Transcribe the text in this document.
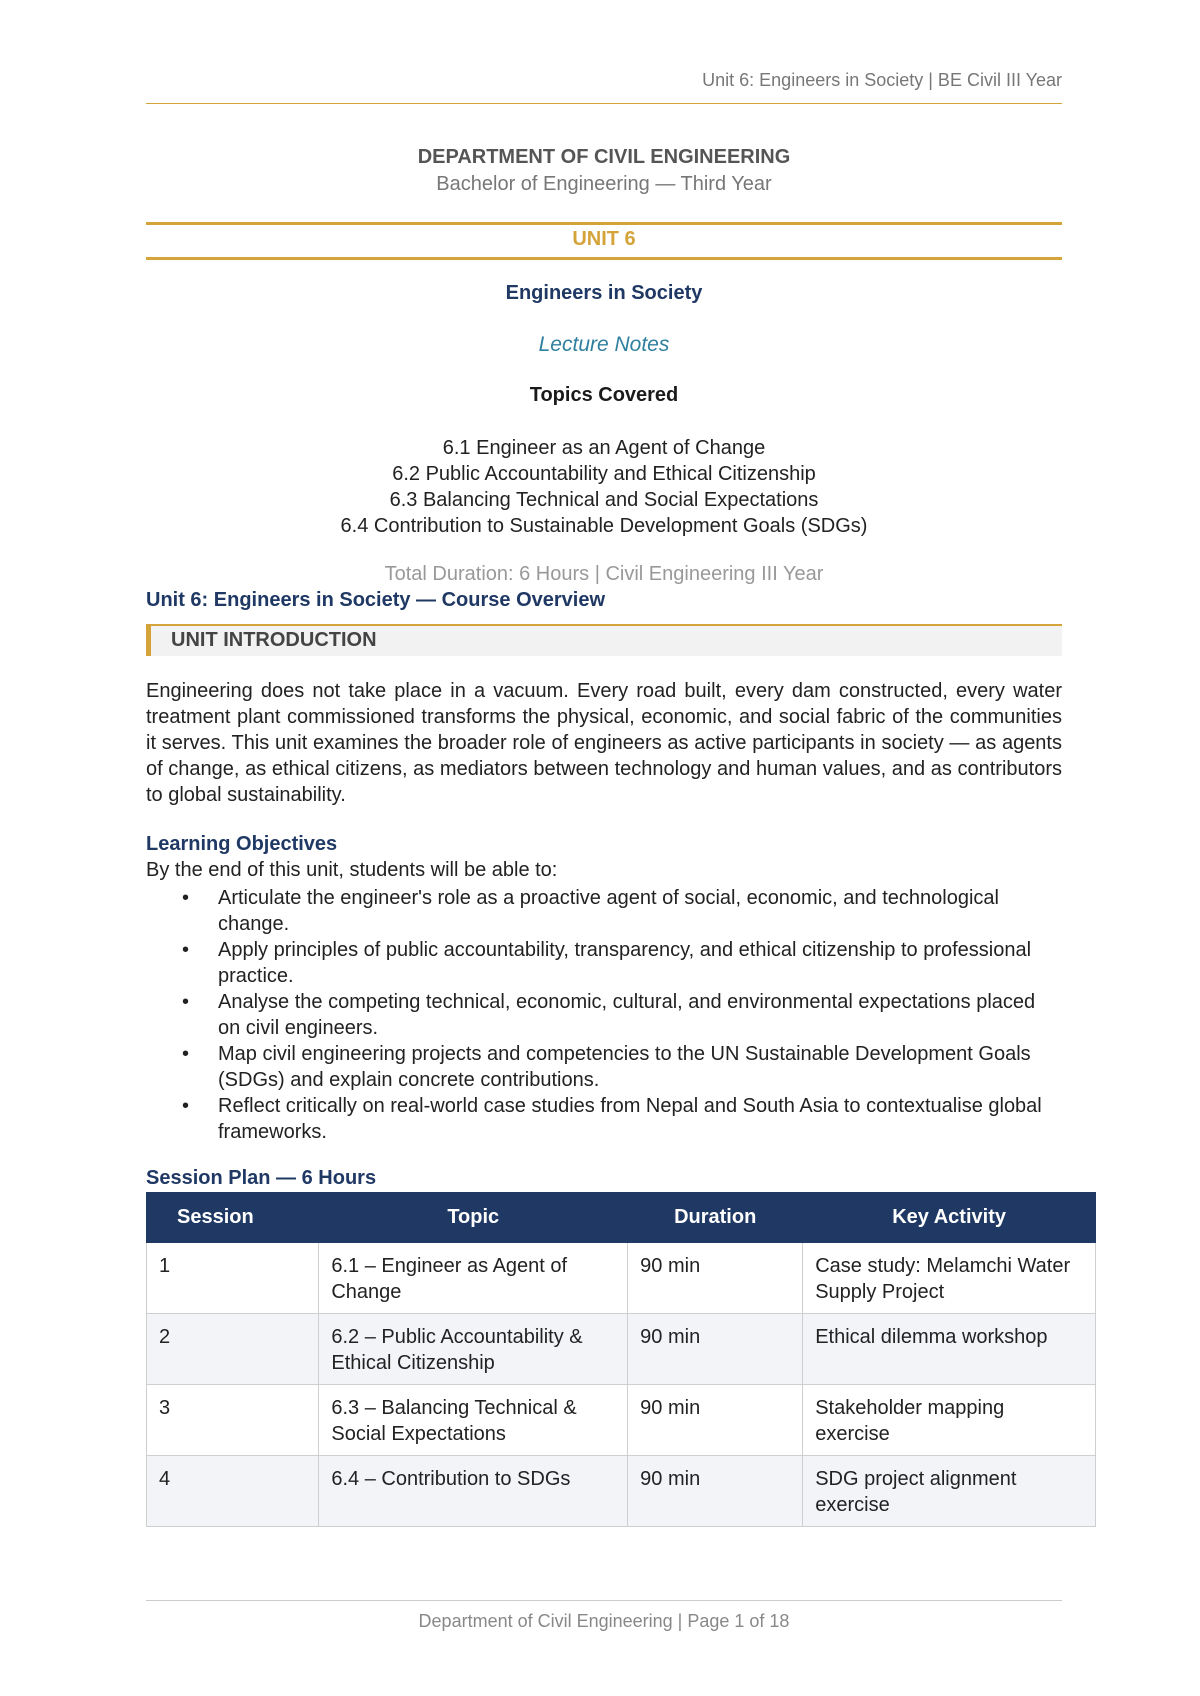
Unit 6: Engineers in Society | BE Civil III Year
DEPARTMENT OF CIVIL ENGINEERING
Bachelor of Engineering — Third Year
UNIT 6
Engineers in Society
Lecture Notes
Topics Covered
6.1 Engineer as an Agent of Change
6.2 Public Accountability and Ethical Citizenship
6.3 Balancing Technical and Social Expectations
6.4 Contribution to Sustainable Development Goals (SDGs)
Total Duration: 6 Hours | Civil Engineering III Year
Unit 6: Engineers in Society — Course Overview
UNIT INTRODUCTION

Engineering does not take place in a vacuum. Every road built, every dam constructed, every water treatment plant commissioned transforms the physical, economic, and social fabric of the communities it serves. This unit examines the broader role of engineers as active participants in society — as agents of change, as ethical citizens, as mediators between technology and human values, and as contributors to global sustainability.

Learning Objectives
By the end of this unit, students will be able to:
• Articulate the engineer's role as a proactive agent of social, economic, and technological change.
• Apply principles of public accountability, transparency, and ethical citizenship to professional practice.
• Analyse the competing technical, economic, cultural, and environmental expectations placed on civil engineers.
• Map civil engineering projects and competencies to the UN Sustainable Development Goals (SDGs) and explain concrete contributions.
• Reflect critically on real-world case studies from Nepal and South Asia to contextualise global frameworks.
Session Plan — 6 Hours
Session	Topic	Duration	Key Activity
1	6.1 – Engineer as Agent of Change	90 min	Case study: Melamchi Water Supply Project
2	6.2 – Public Accountability & Ethical Citizenship	90 min	Ethical dilemma workshop
3	6.3 – Balancing Technical & Social Expectations	90 min	Stakeholder mapping exercise
4	6.4 – Contribution to SDGs	90 min	SDG project alignment exercise
Department of Civil Engineering | Page 1 of 18
